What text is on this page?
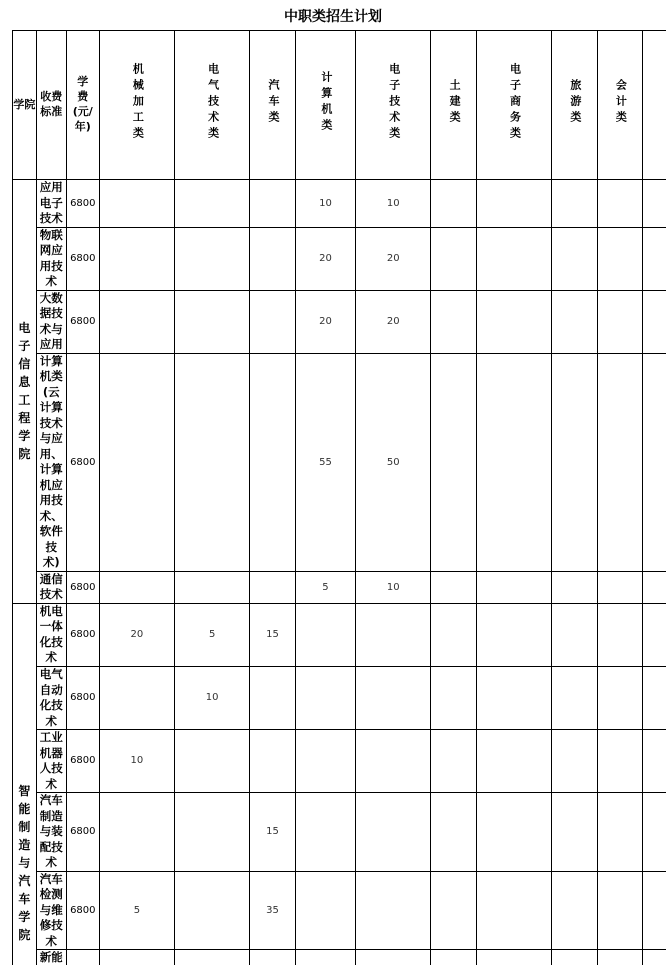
中职类招生计划
学院	收费标准	学费(元/年)	机械加工类	电气技术类	汽车类	计算机类	电子技术类	土建类	电子商务类	旅游类	会计类		
电子信息工程学院	应用电子技术	6800				10	10							
	物联网应用技术	6800				20	20							
	大数据技术与应用	6800				20	20							
	计算机类(云计算技术与应用、计算机应用技术、软件技术)	6800				55	50							
	通信技术	6800				5	10							
智能制造与汽车学院	机电一体化技术	6800	20	5	15									
	电气自动化技术	6800		10										
	工业机器人技术	6800	10											
	汽车制造与装配技术	6800			15									
	汽车检测与维修技术	6800	5		35									
	新能												
